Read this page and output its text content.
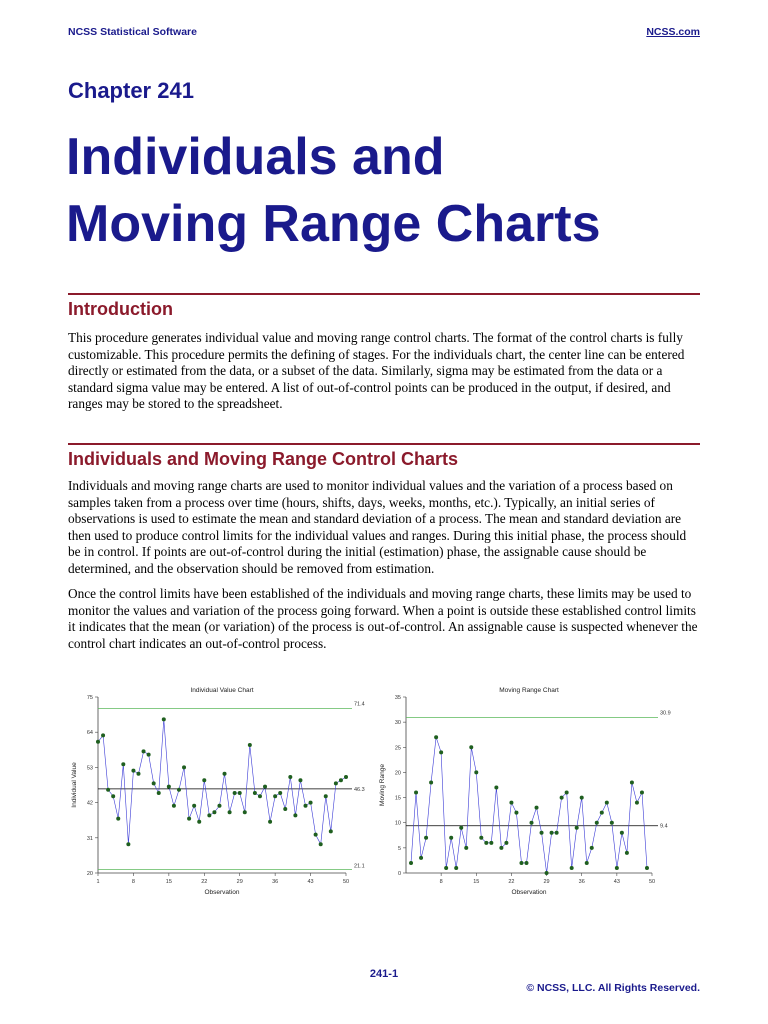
NCSS Statistical Software	NCSS.com
Chapter 241
Individuals and
Moving Range Charts
Introduction

This procedure generates individual value and moving range control charts. The format of the control charts is fully customizable. This procedure permits the defining of stages. For the individuals chart, the center line can be entered directly or estimated from the data, or a subset of the data. Similarly, sigma may be estimated from the data or a standard sigma value may be entered. A list of out-of-control points can be produced in the output, if desired, and ranges may be stored to the spreadsheet.

Individuals and Moving Range Control Charts

Individuals and moving range charts are used to monitor individual values and the variation of a process based on samples taken from a process over time (hours, shifts, days, weeks, months, etc.). Typically, an initial series of observations is used to estimate the mean and standard deviation of a process. The mean and standard deviation are then used to produce control limits for the individual values and ranges. During this initial phase, the process should be in control. If points are out-of-control during the initial (estimation) phase, the assignable cause should be determined, and the observation should be removed from estimation.

Once the control limits have been established of the individuals and moving range charts, these limits may be used to monitor the values and variation of the process going forward. When a point is outside these established control limits it indicates that the mean (or variation) of the process is out-of-control. An assignable cause is suspected whenever the control chart indicates an out-of-control process.

Individual Value Chart
Observation
Individual Value
20
31
42
53
64
75
1	8	15	22	29	36	43	50
71.4
46.3
21.1
Moving Range Chart
Observation
Moving Range
0
5
10
15
20
25
30
35
8	15	22	29	36	43	50
30.9
9.4
241-1
© NCSS, LLC. All Rights Reserved.
